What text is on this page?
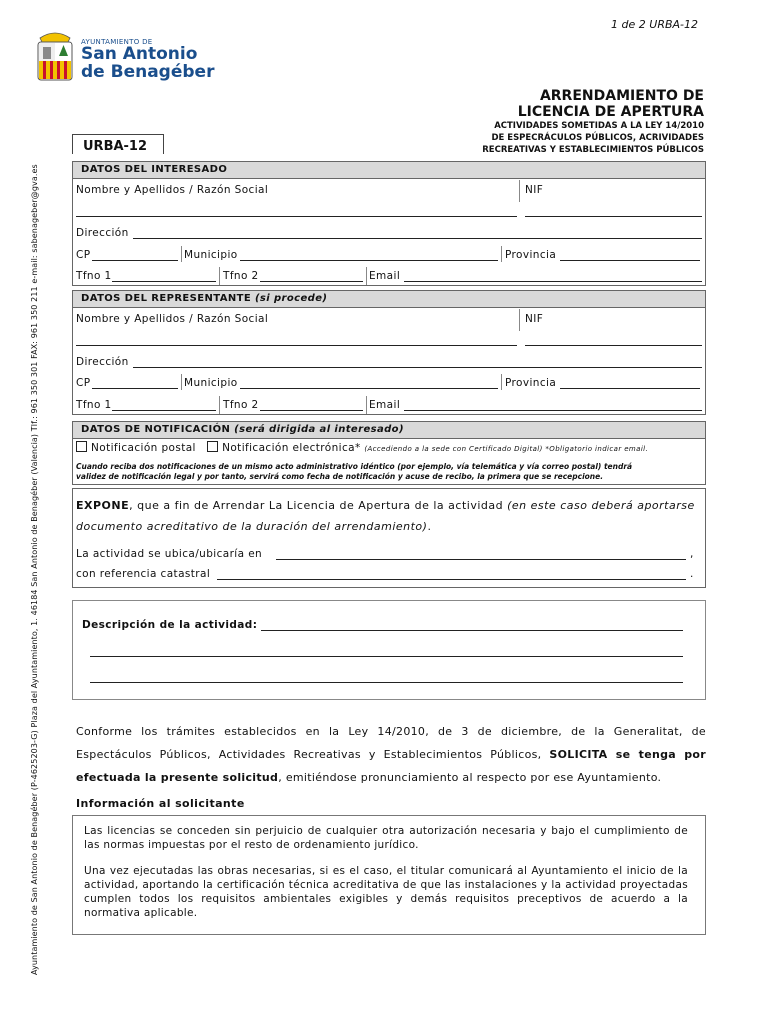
Ayuntamiento de San Antonio de Benagéber (P-4625203-G) Plaza del Ayuntamiento, 1. 46184 San Antonio de Benagéber (Valencia) Tlf.: 961 350 301 FAX: 961 350 211 e-mail: sabenageber@gva.es
1 de 2 URBA-12
AYUNTAMIENTO DE
San Antonio
de Benagéber
ARRENDAMIENTO DE
LICENCIA DE APERTURA
ACTIVIDADES SOMETIDAS A LA LEY 14/2010
DE ESPECRÁCULOS PÚBLICOS, ACRIVIDADES
RECREATIVAS Y ESTABLECIMIENTOS PÚBLICOS
URBA-12
DATOS DEL INTERESADO
Nombre y Apellidos / Razón Social	NIF
Dirección
CP	Municipio	Provincia
Tfno 1	Tfno 2	Email
DATOS DEL REPRESENTANTE (si procede)
Nombre y Apellidos / Razón Social	NIF
Dirección
CP	Municipio	Provincia
Tfno 1	Tfno 2	Email
DATOS DE NOTIFICACIÓN (será dirigida al interesado)
Notificación postal Notificación electrónica* (Accediendo a la sede con Certificado Digital) *Obligatorio indicar email.
Cuando reciba dos notificaciones de un mismo acto administrativo idéntico (por ejemplo, vía telemática y vía correo postal) tendrá
validez de notificación legal y por tanto, servirá como fecha de notificación y acuse de recibo, la primera que se recepcione.
EXPONE, que a fin de Arrendar La Licencia de Apertura de la actividad (en este caso deberá aportarse documento acreditativo de la duración del arrendamiento).
La actividad se ubica/ubicaría en	,
con referencia catastral	.
Descripción de la actividad:
Conforme los trámites establecidos en la Ley 14/2010, de 3 de diciembre, de la Generalitat, de Espectáculos Públicos, Actividades Recreativas y Establecimientos Públicos, SOLICITA se tenga por efectuada la presente solicitud, emitiéndose pronunciamiento al respecto por ese Ayuntamiento.
Información al solicitante

Las licencias se conceden sin perjuicio de cualquier otra autorización necesaria y bajo el cumplimiento de las normas impuestas por el resto de ordenamiento jurídico.

Una vez ejecutadas las obras necesarias, si es el caso, el titular comunicará al Ayuntamiento el inicio de la actividad, aportando la certificación técnica acreditativa de que las instalaciones y la actividad proyectadas cumplen todos los requisitos ambientales exigibles y demás requisitos preceptivos de acuerdo a la normativa aplicable.
